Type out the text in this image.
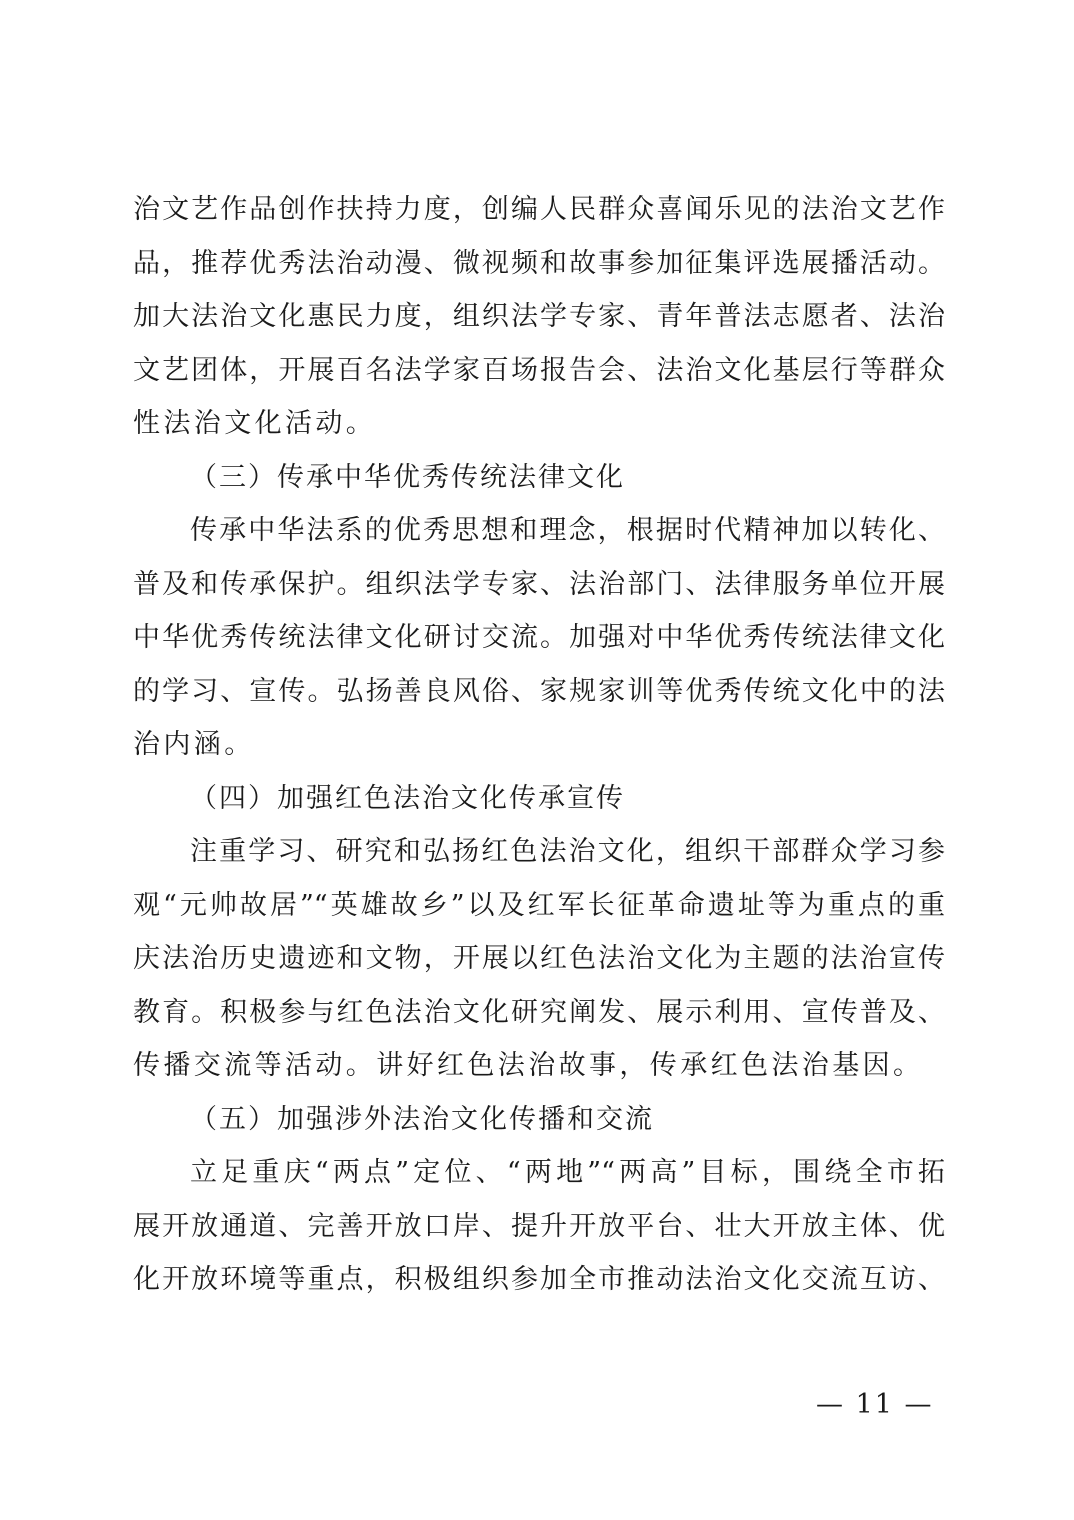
治文艺作品创作扶持力度，创编人民群众喜闻乐见的法治文艺作
品，推荐优秀法治动漫、微视频和故事参加征集评选展播活动。
加大法治文化惠民力度，组织法学专家、青年普法志愿者、法治
文艺团体，开展百名法学家百场报告会、法治文化基层行等群众
性法治文化活动。
（三）传承中华优秀传统法律文化
传承中华法系的优秀思想和理念，根据时代精神加以转化、
普及和传承保护。组织法学专家、法治部门、法律服务单位开展
中华优秀传统法律文化研讨交流。加强对中华优秀传统法律文化
的学习、宣传。弘扬善良风俗、家规家训等优秀传统文化中的法
治内涵。
（四）加强红色法治文化传承宣传
注重学习、研究和弘扬红色法治文化，组织干部群众学习参
观“元帅故居”“英雄故乡”以及红军长征革命遗址等为重点的重
庆法治历史遗迹和文物，开展以红色法治文化为主题的法治宣传
教育。积极参与红色法治文化研究阐发、展示利用、宣传普及、
传播交流等活动。讲好红色法治故事，传承红色法治基因。
（五）加强涉外法治文化传播和交流
立足重庆“两点”定位、“两地”“两高”目标，围绕全市拓
展开放通道、完善开放口岸、提升开放平台、壮大开放主体、优
化开放环境等重点，积极组织参加全市推动法治文化交流互访、
— 11 —
